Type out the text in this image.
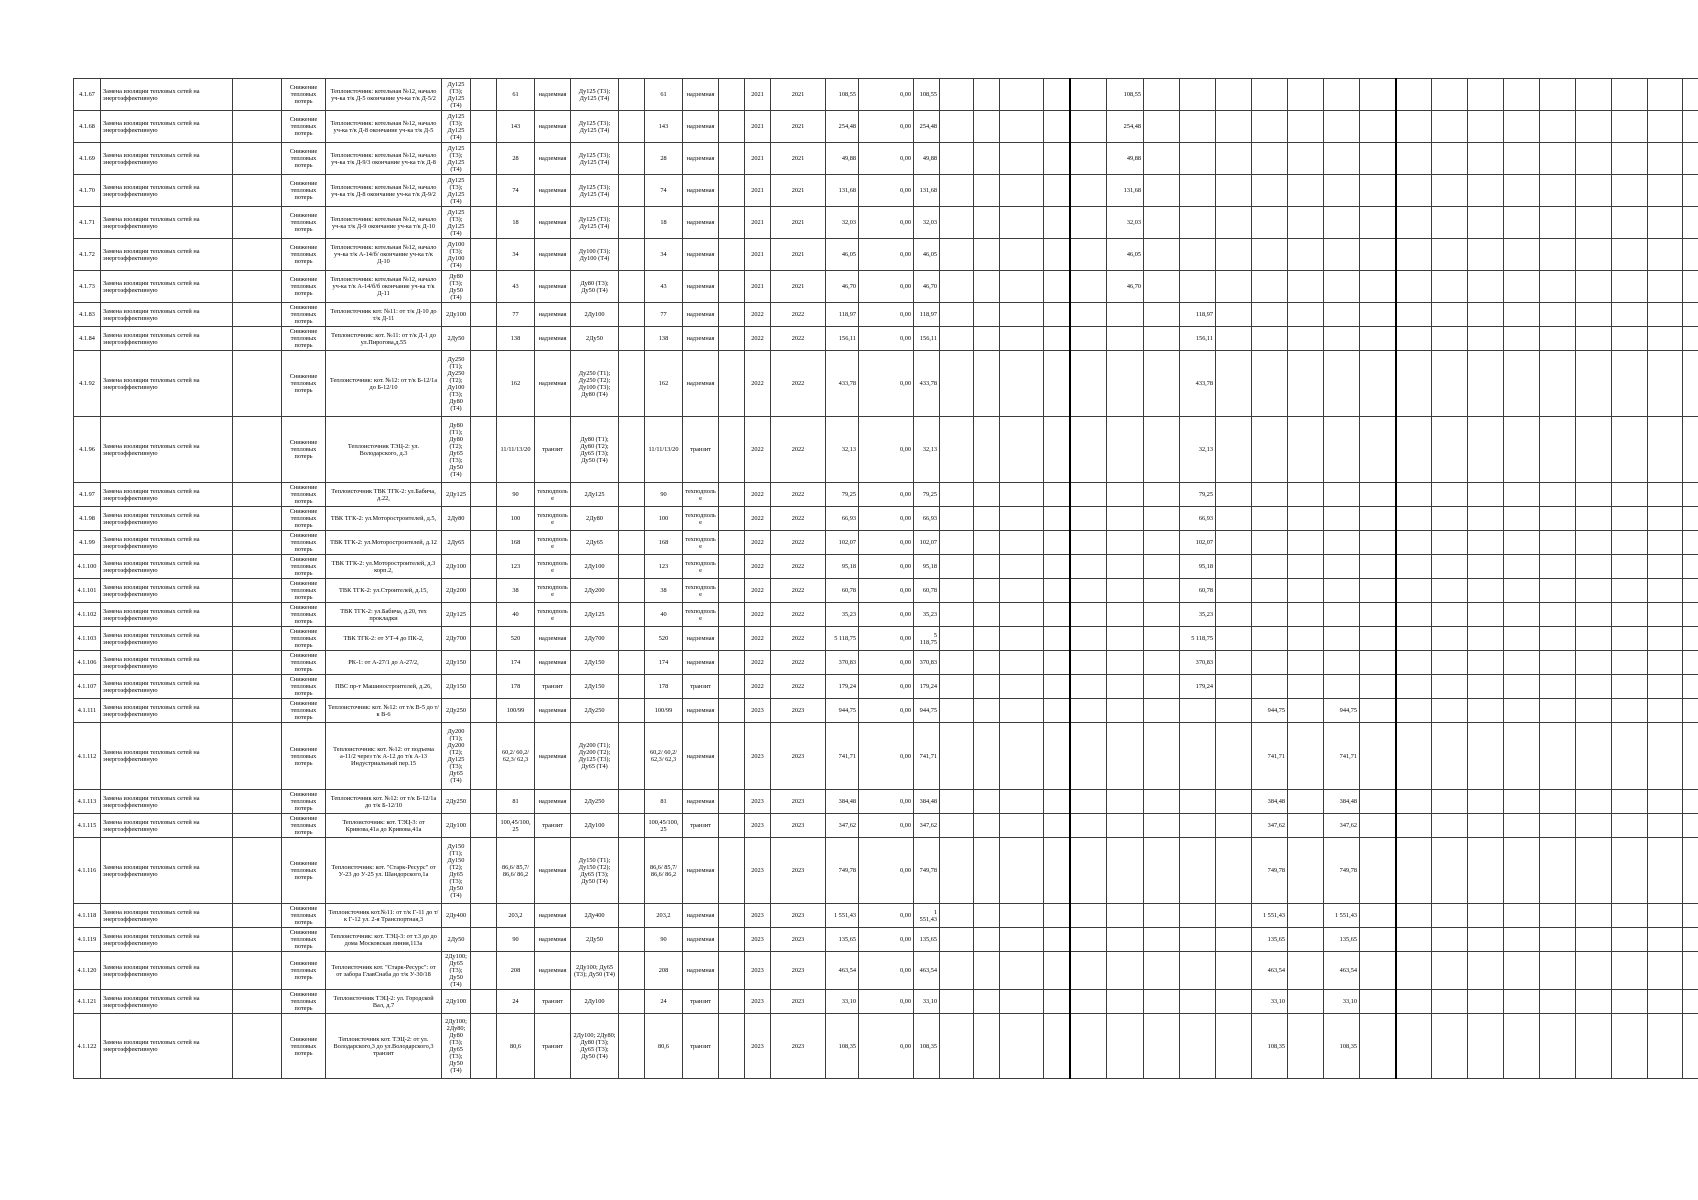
4.1.67	Замена изоляции тепловых сетей на энергоэффективную		Снижение тепловых потерь	Теплоисточник: котельная №12, начало уч-ка т/к Д-5 окончание уч-ка т/к Д-5/2	Ду125 (Т3); Ду125 (Т4)		61	надземная	Ду125 (Т3); Ду125 (Т4)		61	надземная		2021	2021	108,55	0,00	108,55						108,55																
4.1.68	Замена изоляции тепловых сетей на энергоэффективную		Снижение тепловых потерь	Теплоисточник: котельная №12, начало уч-ка т/к Д-8 окончание уч-ка т/к Д-5	Ду125 (Т3); Ду125 (Т4)		143	надземная	Ду125 (Т3); Ду125 (Т4)		143	надземная		2021	2021	254,48	0,00	254,48						254,48																
4.1.69	Замена изоляции тепловых сетей на энергоэффективную		Снижение тепловых потерь	Теплоисточник: котельная №12, начало уч-ка т/к Д-9/3 окончание уч-ка т/к Д-8	Ду125 (Т3); Ду125 (Т4)		28	надземная	Ду125 (Т3); Ду125 (Т4)		28	надземная		2021	2021	49,88	0,00	49,88						49,88																
4.1.70	Замена изоляции тепловых сетей на энергоэффективную		Снижение тепловых потерь	Теплоисточник: котельная №12, начало уч-ка т/к Д-8 окончание уч-ка т/к Д-9/2	Ду125 (Т3); Ду125 (Т4)		74	надземная	Ду125 (Т3); Ду125 (Т4)		74	надземная		2021	2021	131,68	0,00	131,68						131,68																
4.1.71	Замена изоляции тепловых сетей на энергоэффективную		Снижение тепловых потерь	Теплоисточник: котельная №12, начало уч-ка т/к Д-9 окончание уч-ка т/к Д-10	Ду125 (Т3); Ду125 (Т4)		18	надземная	Ду125 (Т3); Ду125 (Т4)		18	надземная		2021	2021	32,03	0,00	32,03						32,03																
4.1.72	Замена изоляции тепловых сетей на энергоэффективную		Снижение тепловых потерь	Теплоисточник: котельная №12, начало уч-ка т/к А-14/б/ окончание уч-ка т/к Д-10	Ду100 (Т3); Ду100 (Т4)		34	надземная	Ду100 (Т3); Ду100 (Т4)		34	надземная		2021	2021	46,05	0,00	46,05						46,05																
4.1.73	Замена изоляции тепловых сетей на энергоэффективную		Снижение тепловых потерь	Теплоисточник: котельная №12, начало уч-ка т/к А-14/б/б окончание уч-ка т/к Д-11	Ду80 (Т3); Ду50 (Т4)		43	надземная	Ду80 (Т3); Ду50 (Т4)		43	надземная		2021	2021	46,70	0,00	46,70						46,70																
4.1.83	Замена изоляции тепловых сетей на энергоэффективную		Снижение тепловых потерь	Теплоисточник кот. №11: от т/к Д-10 до т/к Д-11	2Ду100		77	надземная	2Ду100		77	надземная		2022	2022	118,97	0,00	118,97								118,97														
4.1.84	Замена изоляции тепловых сетей на энергоэффективную		Снижение тепловых потерь	Теплоисточник: кот. №11: от т/к Д-1 до ул.Пирогова,д.55	2Ду50		138	надземная	2Ду50		138	надземная		2022	2022	156,11	0,00	156,11								156,11														
4.1.92	Замена изоляции тепловых сетей на энергоэффективную		Снижение тепловых потерь	Теплоисточник: кот. №12: от т/к Б-12/1а до Б-12/10	Ду250 (Т1); Ду250 (Т2); Ду100 (Т3); Ду80 (Т4)		162	надземная	Ду250 (Т1); Ду250 (Т2); Ду100 (Т3); Ду80 (Т4)		162	надземная		2022	2022	433,78	0,00	433,78								433,78														
4.1.96	Замена изоляции тепловых сетей на энергоэффективную		Снижение тепловых потерь	Теплоисточник ТЭЦ-2: ул. Володарского, д.3	Ду80 (Т1); Ду80 (Т2); Ду65 (Т3); Ду50 (Т4)		11/11/13/20	транзит	Ду80 (Т1); Ду80 (Т2); Ду65 (Т3); Ду50 (Т4)		11/11/13/20	транзит		2022	2022	32,13	0,00	32,13								32,13														
4.1.97	Замена изоляции тепловых сетей на энергоэффективную		Снижение тепловых потерь	Теплоисточник ТВК ТГК-2: ул.Бабича, д.22,	2Ду125		90	техподполье	2Ду125		90	техподполье		2022	2022	79,25	0,00	79,25								79,25														
4.1.98	Замена изоляции тепловых сетей на энергоэффективную		Снижение тепловых потерь	ТВК ТГК-2: ул.Моторостроителей, д.5,	2Ду80		100	техподполье	2Ду80		100	техподполье		2022	2022	66,93	0,00	66,93								66,93														
4.1.99	Замена изоляции тепловых сетей на энергоэффективную		Снижение тепловых потерь	ТВК ТГК-2: ул.Моторостроителей, д.12	2Ду65		168	техподполье	2Ду65		168	техподполье		2022	2022	102,07	0,00	102,07								102,07														
4.1.100	Замена изоляции тепловых сетей на энергоэффективную		Снижение тепловых потерь	ТВК ТГК-2: ул.Моторостроителей, д.3 корп.2,	2Ду100		123	техподполье	2Ду100		123	техподполье		2022	2022	95,18	0,00	95,18								95,18														
4.1.101	Замена изоляции тепловых сетей на энергоэффективную		Снижение тепловых потерь	ТВК ТГК-2: ул.Строителей, д.15,	2Ду200		38	техподполье	2Ду200		38	техподполье		2022	2022	60,78	0,00	60,78								60,78														
4.1.102	Замена изоляции тепловых сетей на энергоэффективную		Снижение тепловых потерь	ТВК ТГК-2: ул.Бабича, д.20, тех прокладки	2Ду125		40	техподполье	2Ду125		40	техподполье		2022	2022	35,23	0,00	35,23								35,23														
4.1.103	Замена изоляции тепловых сетей на энергоэффективную		Снижение тепловых потерь	ТВК ТГК-2: от УТ-4 до ПК-2,	2Ду700		520	надземная	2Ду700		520	надземная		2022	2022	5 118,75	0,00	5 118,75								5 118,75														
4.1.106	Замена изоляции тепловых сетей на энергоэффективную		Снижение тепловых потерь	РК-1: от А-27/1 до А-27/2,	2Ду150		174	надземная	2Ду150		174	надземная		2022	2022	370,83	0,00	370,83								370,83														
4.1.107	Замена изоляции тепловых сетей на энергоэффективную		Снижение тепловых потерь	ПВС пр-т Машиностроителей, д.26,	2Ду150		178	транзит	2Ду150		178	транзит		2022	2022	179,24	0,00	179,24								179,24														
4.1.111	Замена изоляции тепловых сетей на энергоэффективную		Снижение тепловых потерь	Теплоисточник: кот. №12: от т/к В-5 до т/к В-6	2Ду250		100/99	надземная	2Ду250		100/99	надземная		2023	2023	944,75	0,00	944,75										944,75		944,75										
4.1.112	Замена изоляции тепловых сетей на энергоэффективную		Снижение тепловых потерь	Теплоисточник: кот. №12: от подъема а-11/2 через т/к А-12 до т/к А-13 Индустриальный пер.15	Ду200 (Т1); Ду200 (Т2); Ду125 (Т3); Ду65 (Т4)		60,2/ 60,2/ 62,3/ 62,3	надземная	Ду200 (Т1); Ду200 (Т2); Ду125 (Т3); Ду65 (Т4)		60,2/ 60,2/ 62,3/ 62,3	надземная		2023	2023	741,71	0,00	741,71										741,71		741,71										
4.1.113	Замена изоляции тепловых сетей на энергоэффективную		Снижение тепловых потерь	Теплоисточник кот. №12: от т/к Б-12/1а до т/к Б-12/10	2Ду250		81	надземная	2Ду250		81	надземная		2023	2023	384,48	0,00	384,48										384,48		384,48										
4.1.115	Замена изоляции тепловых сетей на энергоэффективную		Снижение тепловых потерь	Теплоисточник: кот. ТЭЦ-3: от Кривова,41а до Кривова,41а	2Ду100		100,45/100,25	транзит	2Ду100		100,45/100,25	транзит		2023	2023	347,62	0,00	347,62										347,62		347,62										
4.1.116	Замена изоляции тепловых сетей на энергоэффективную		Снижение тепловых потерь	Теплоисточник: кот. "Старк-Ресурс" от У-23 до У-25 ул. Шандорского,1а	Ду150 (Т1); Ду150 (Т2); Ду65 (Т3); Ду50 (Т4)		86,6/ 85,7/ 86,6/ 86,2	надземная	Ду150 (Т1); Ду150 (Т2); Ду65 (Т3); Ду50 (Т4)		86,6/ 85,7/ 86,6/ 86,2	надземная		2023	2023	749,78	0,00	749,78										749,78		749,78										
4.1.118	Замена изоляции тепловых сетей на энергоэффективную		Снижение тепловых потерь	Теплоисточник кот.№11: от т/к Г-11 до т/к Г-12 ул. 2-я Транспортная,3	2Ду400		203,2	надземная	2Ду400		203,2	надземная		2023	2023	1 551,43	0,00	1 551,43										1 551,43		1 551,43										
4.1.119	Замена изоляции тепловых сетей на энергоэффективную		Снижение тепловых потерь	Теплоисточник: кот. ТЭЦ-3: от т.3 до до дома Московская линия,113а	2Ду50		90	надземная	2Ду50		90	надземная		2023	2023	135,65	0,00	135,65										135,65		135,65										
4.1.120	Замена изоляции тепловых сетей на энергоэффективную		Снижение тепловых потерь	Теплоисточник кот. "Старк-Ресурс": от от забора ГлавСнаба до т/к У-30/18	2Ду100; Ду65 (Т3); Ду50 (Т4)		208	надземная	2Ду100; Ду65 (Т3); Ду50 (Т4)		208	надземная		2023	2023	463,54	0,00	463,54										463,54		463,54										
4.1.121	Замена изоляции тепловых сетей на энергоэффективную		Снижение тепловых потерь	Теплоисточник ТЭЦ-2: ул. Городской Вал, д.7	2Ду100		24	транзит	2Ду100		24	транзит		2023	2023	33,10	0,00	33,10										33,10		33,10										
4.1.122	Замена изоляции тепловых сетей на энергоэффективную		Снижение тепловых потерь	Теплоисточник кот. ТЭЦ-2: от ул. Володарского,3 до ул.Володарского,3 транзит	2Ду100; 2Ду80; Ду80 (Т3); Ду65 (Т3); Ду50 (Т4)		80,6	транзит	2Ду100; 2Ду80; Ду80 (Т3); Ду65 (Т3); Ду50 (Т4)		80,6	транзит		2023	2023	108,35	0,00	108,35										108,35		108,35										
